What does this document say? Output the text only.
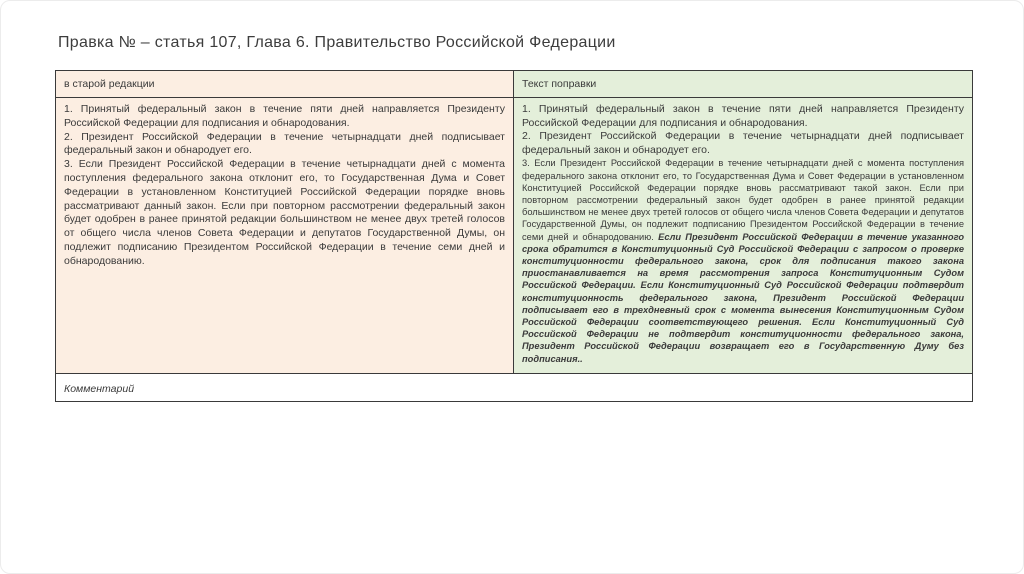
Правка № – статья 107, Глава 6. Правительство Российской Федерации
в старой редакции	Текст поправки

1. Принятый федеральный закон в течение пяти дней направляется Президенту Российской Федерации для подписания и обнародования.

2. Президент Российской Федерации в течение четырнадцати дней подписывает федеральный закон и обнародует его.

3. Если Президент Российской Федерации в течение четырнадцати дней с момента поступления федерального закона отклонит его, то Государственная Дума и Совет Федерации в установленном Конституцией Российской Федерации порядке вновь рассматривают данный закон. Если при повторном рассмотрении федеральный закон будет одобрен в ранее принятой редакции большинством не менее двух третей голосов от общего числа членов Совета Федерации и депутатов Государственной Думы, он подлежит подписанию Президентом Российской Федерации в течение семи дней и обнародованию.

1. Принятый федеральный закон в течение пяти дней направляется Президенту Российской Федерации для подписания и обнародования.

2. Президент Российской Федерации в течение четырнадцати дней подписывает федеральный закон и обнародует его.

3. Если Президент Российской Федерации в течение четырнадцати дней с момента поступления федерального закона отклонит его, то Государственная Дума и Совет Федерации в установленном Конституцией Российской Федерации порядке вновь рассматривают такой закон. Если при повторном рассмотрении федеральный закон будет одобрен в ранее принятой редакции большинством не менее двух третей голосов от общего числа членов Совета Федерации и депутатов Государственной Думы, он подлежит подписанию Президентом Российской Федерации в течение семи дней и обнародованию. Если Президент Российской Федерации в течение указанного срока обратится в Конституционный Суд Российской Федерации с запросом о проверке конституционности федерального закона, срок для подписания такого закона приостанавливается на время рассмотрения запроса Конституционным Судом Российской Федерации. Если Конституционный Суд Российской Федерации подтвердит конституционность федерального закона, Президент Российской Федерации подписывает его в трехдневный срок с момента вынесения Конституционным Судом Российской Федерации соответствующего решения. Если Конституционный Суд Российской Федерации не подтвердит конституционности федерального закона, Президент Российской Федерации возвращает его в Государственную Думу без подписания..

Комментарий
